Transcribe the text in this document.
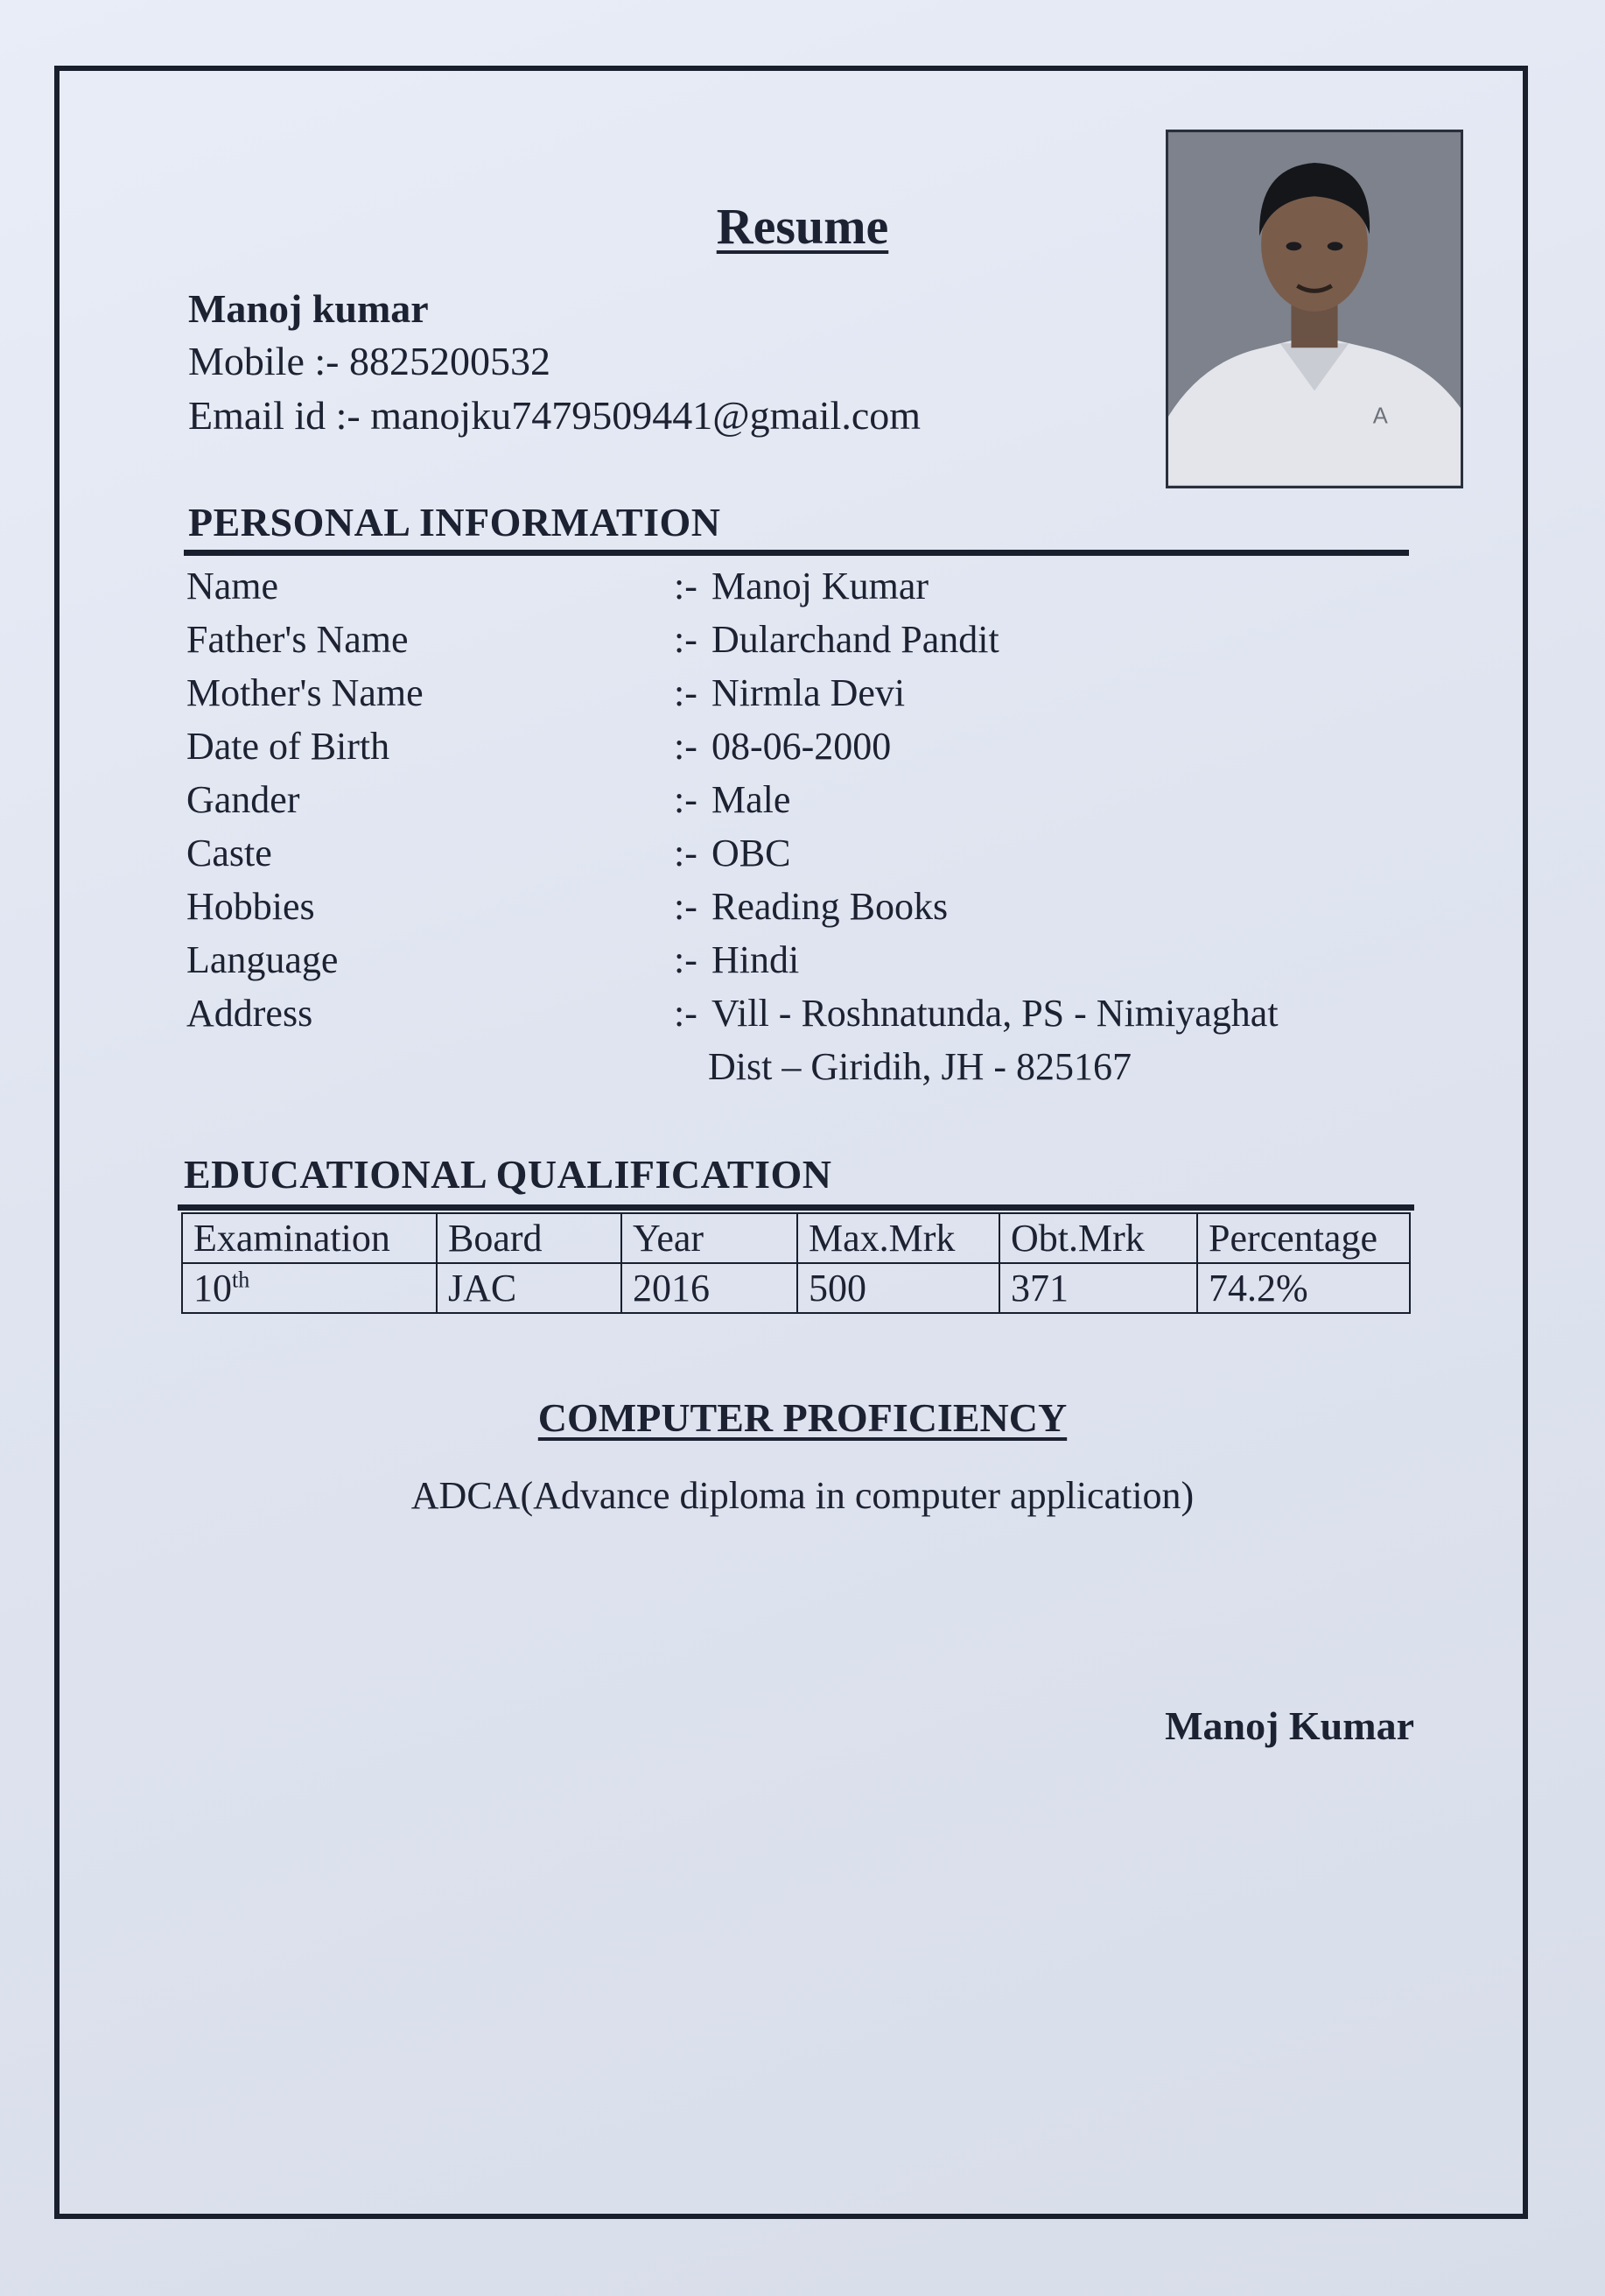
A
Resume
Manoj kumar
Mobile :- 8825200532
Email id :- manojku7479509441@gmail.com
PERSONAL INFORMATION
Name	:- Manoj Kumar
Father's Name	:- Dularchand Pandit
Mother's Name	:- Nirmla Devi
Date of Birth	:- 08-06-2000
Gander	:- Male
Caste	:- OBC
Hobbies	:- Reading Books
Language	:- Hindi
Address	:- Vill - Roshnatunda, PS - Nimiyaghat
Dist – Giridih, JH - 825167
EDUCATIONAL QUALIFICATION
Examination	Board	Year	Max.Mrk	Obt.Mrk	Percentage
10th	JAC	2016	500	371	74.2%
COMPUTER PROFICIENCY
ADCA(Advance diploma in computer application)
Manoj Kumar
